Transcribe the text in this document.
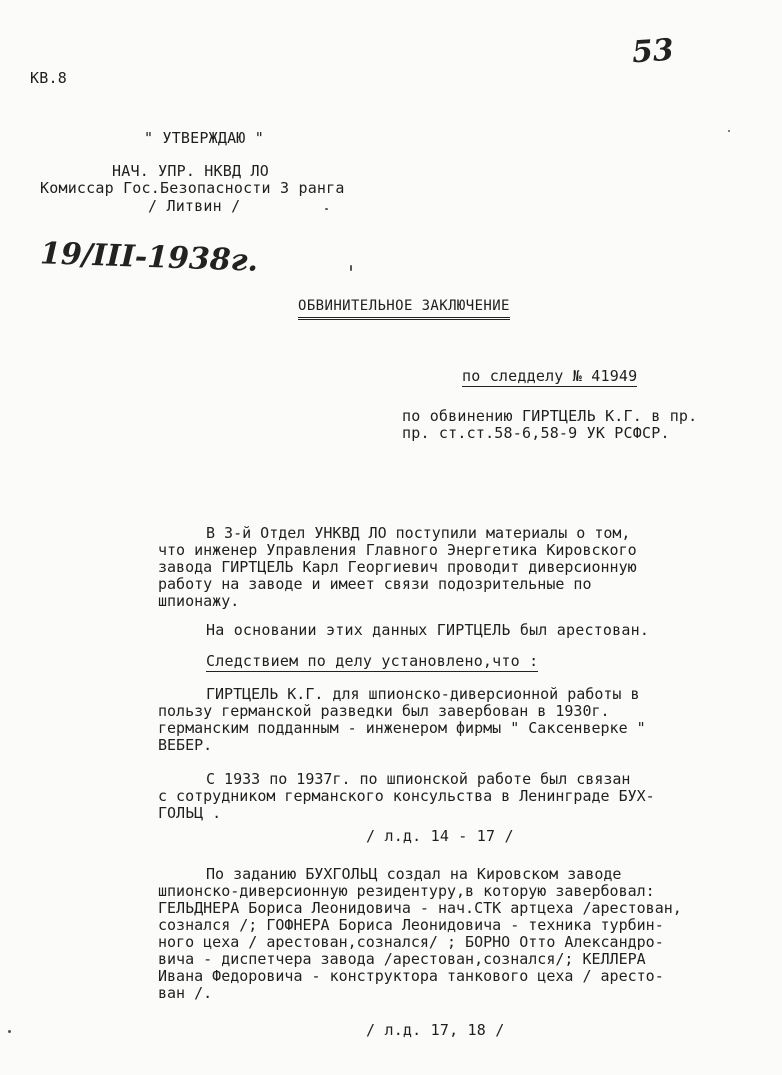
53
КВ.8
" УТВЕРЖДАЮ "
НАЧ. УПР. НКВД ЛО
Комиссар Гос.Безопасности 3 ранга
/ Литвин /
19/III-1938г.
ОБВИНИТЕЛЬНОЕ ЗАКЛЮЧЕНИЕ
по следделу № 41949
по обвинению ГИРТЦЕЛЬ К.Г. в пр.
пр. ст.ст.58-6,58-9 УК РСФСР.
В 3-й Отдел УНКВД ЛО поступили материалы о том,
что инженер Управления Главного Энергетика Кировского
завода ГИРТЦЕЛЬ Карл Георгиевич проводит диверсионную
работу на заводе и имеет связи подозрительные по
шпионажу.
На основании этих данных ГИРТЦЕЛЬ был арестован.
Следствием по делу установлено,что :
ГИРТЦЕЛЬ К.Г. для шпионско-диверсионной работы в
пользу германской разведки был завербован в 1930г.
германским подданным - инженером фирмы " Саксенверке "
ВЕБЕР.
С 1933 по 1937г. по шпионской работе был связан
с сотрудником германского консульства в Ленинграде БУХ-
ГОЛЬЦ .
/ л.д. 14 - 17 /
По заданию БУХГОЛЬЦ создал на Кировском заводе
шпионско-диверсионную резидентуру,в которую завербовал:
ГЕЛЬДНЕРА Бориса Леонидовича - нач.СТК артцеха /арестован,
сознался /; ГОФНЕРА Бориса Леонидовича - техника турбин-
ного цеха / арестован,сознался/ ; БОРНО Отто Александро-
вича - диспетчера завода /арестован,сознался/; КЕЛЛЕРА
Ивана Федоровича - конструктора танкового цеха / аресто-
ван /.
/ л.д. 17, 18 /
